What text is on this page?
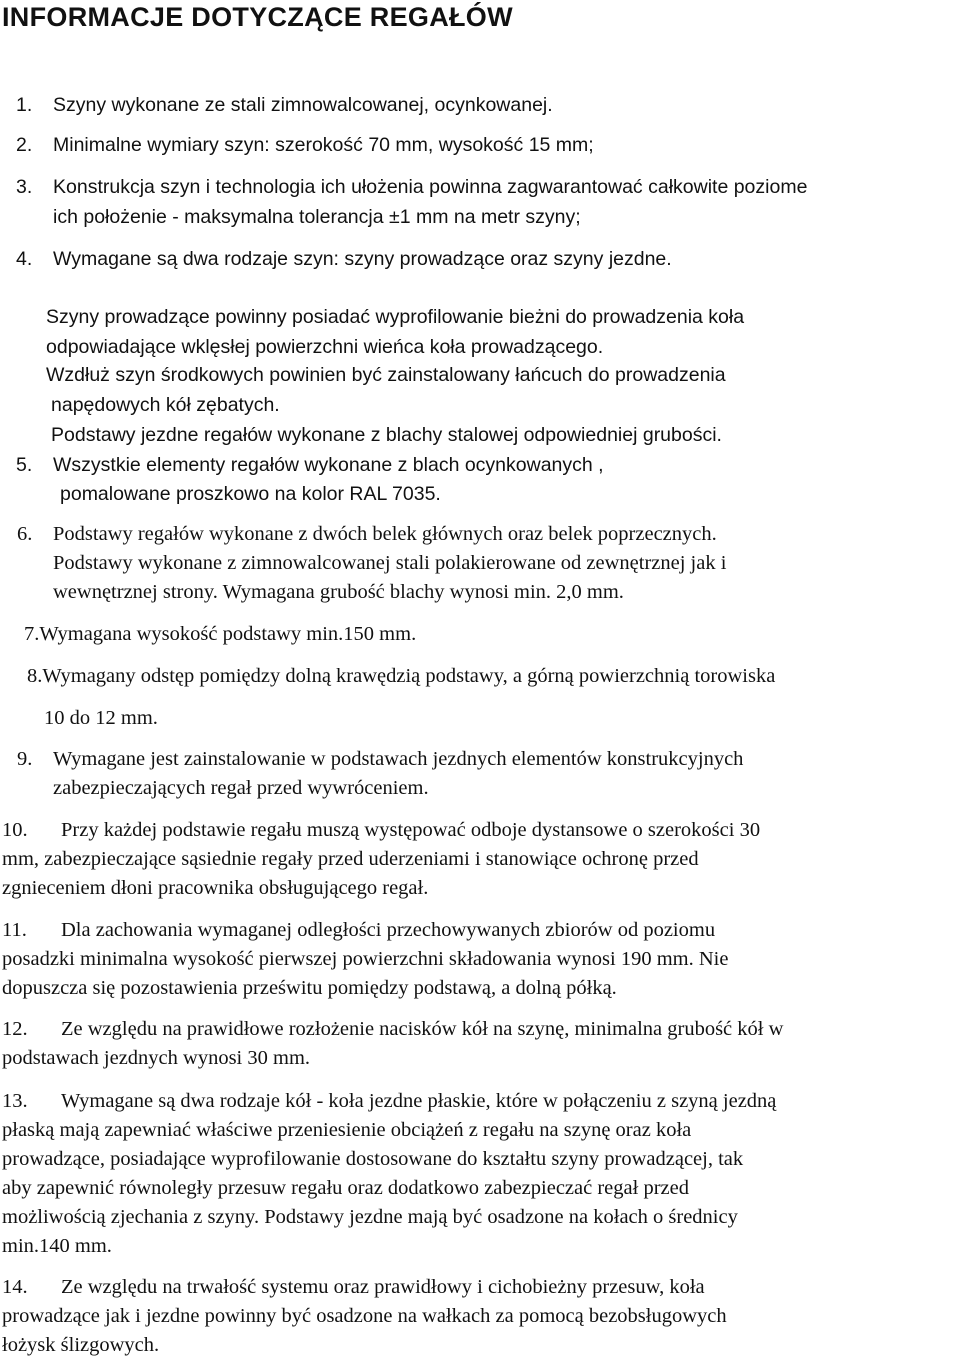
INFORMACJE DOTYCZĄCE REGAŁÓW
1. Szyny wykonane ze stali zimnowalcowanej, ocynkowanej.
2. Minimalne wymiary szyn: szerokość 70 mm, wysokość 15 mm;
3. Konstrukcja szyn i technologia ich ułożenia powinna zagwarantować całkowite poziome
ich położenie - maksymalna tolerancja ±1 mm na metr szyny;
4. Wymagane są dwa rodzaje szyn: szyny prowadzące oraz szyny jezdne.
Szyny prowadzące powinny posiadać wyprofilowanie bieżni do prowadzenia koła
odpowiadające wklęsłej powierzchni wieńca koła prowadzącego.
Wzdłuż szyn środkowych powinien być zainstalowany łańcuch do prowadzenia
napędowych kół zębatych.
Podstawy jezdne regałów wykonane z blachy stalowej odpowiedniej grubości.
5. Wszystkie elementy regałów wykonane z blach ocynkowanych ,
pomalowane proszkowo na kolor RAL 7035.
6. Podstawy regałów wykonane z dwóch belek głównych oraz belek poprzecznych.
Podstawy wykonane z zimnowalcowanej stali polakierowane od zewnętrznej jak i
wewnętrznej strony. Wymagana grubość blachy wynosi min. 2,0 mm.
7.Wymagana wysokość podstawy min.150 mm.
8.Wymagany odstęp pomiędzy dolną krawędzią podstawy, a górną powierzchnią torowiska
10 do 12 mm.
9. Wymagane jest zainstalowanie w podstawach jezdnych elementów konstrukcyjnych
zabezpieczających regał przed wywróceniem.
10. Przy każdej podstawie regału muszą występować odboje dystansowe o szerokości 30
mm, zabezpieczające sąsiednie regały przed uderzeniami i stanowiące ochronę przed
zgnieceniem dłoni pracownika obsługującego regał.
11. Dla zachowania wymaganej odległości przechowywanych zbiorów od poziomu
posadzki minimalna wysokość pierwszej powierzchni składowania wynosi 190 mm. Nie
dopuszcza się pozostawienia prześwitu pomiędzy podstawą, a dolną półką.
12. Ze względu na prawidłowe rozłożenie nacisków kół na szynę, minimalna grubość kół w
podstawach jezdnych wynosi 30 mm.
13. Wymagane są dwa rodzaje kół - koła jezdne płaskie, które w połączeniu z szyną jezdną
płaską mają zapewniać właściwe przeniesienie obciążeń z regału na szynę oraz koła
prowadzące, posiadające wyprofilowanie dostosowane do kształtu szyny prowadzącej, tak
aby zapewnić równoległy przesuw regału oraz dodatkowo zabezpieczać regał przed
możliwością zjechania z szyny. Podstawy jezdne mają być osadzone na kołach o średnicy
min.140 mm.
14. Ze względu na trwałość systemu oraz prawidłowy i cichobieżny przesuw, koła
prowadzące jak i jezdne powinny być osadzone na wałkach za pomocą bezobsługowych
łożysk ślizgowych.
